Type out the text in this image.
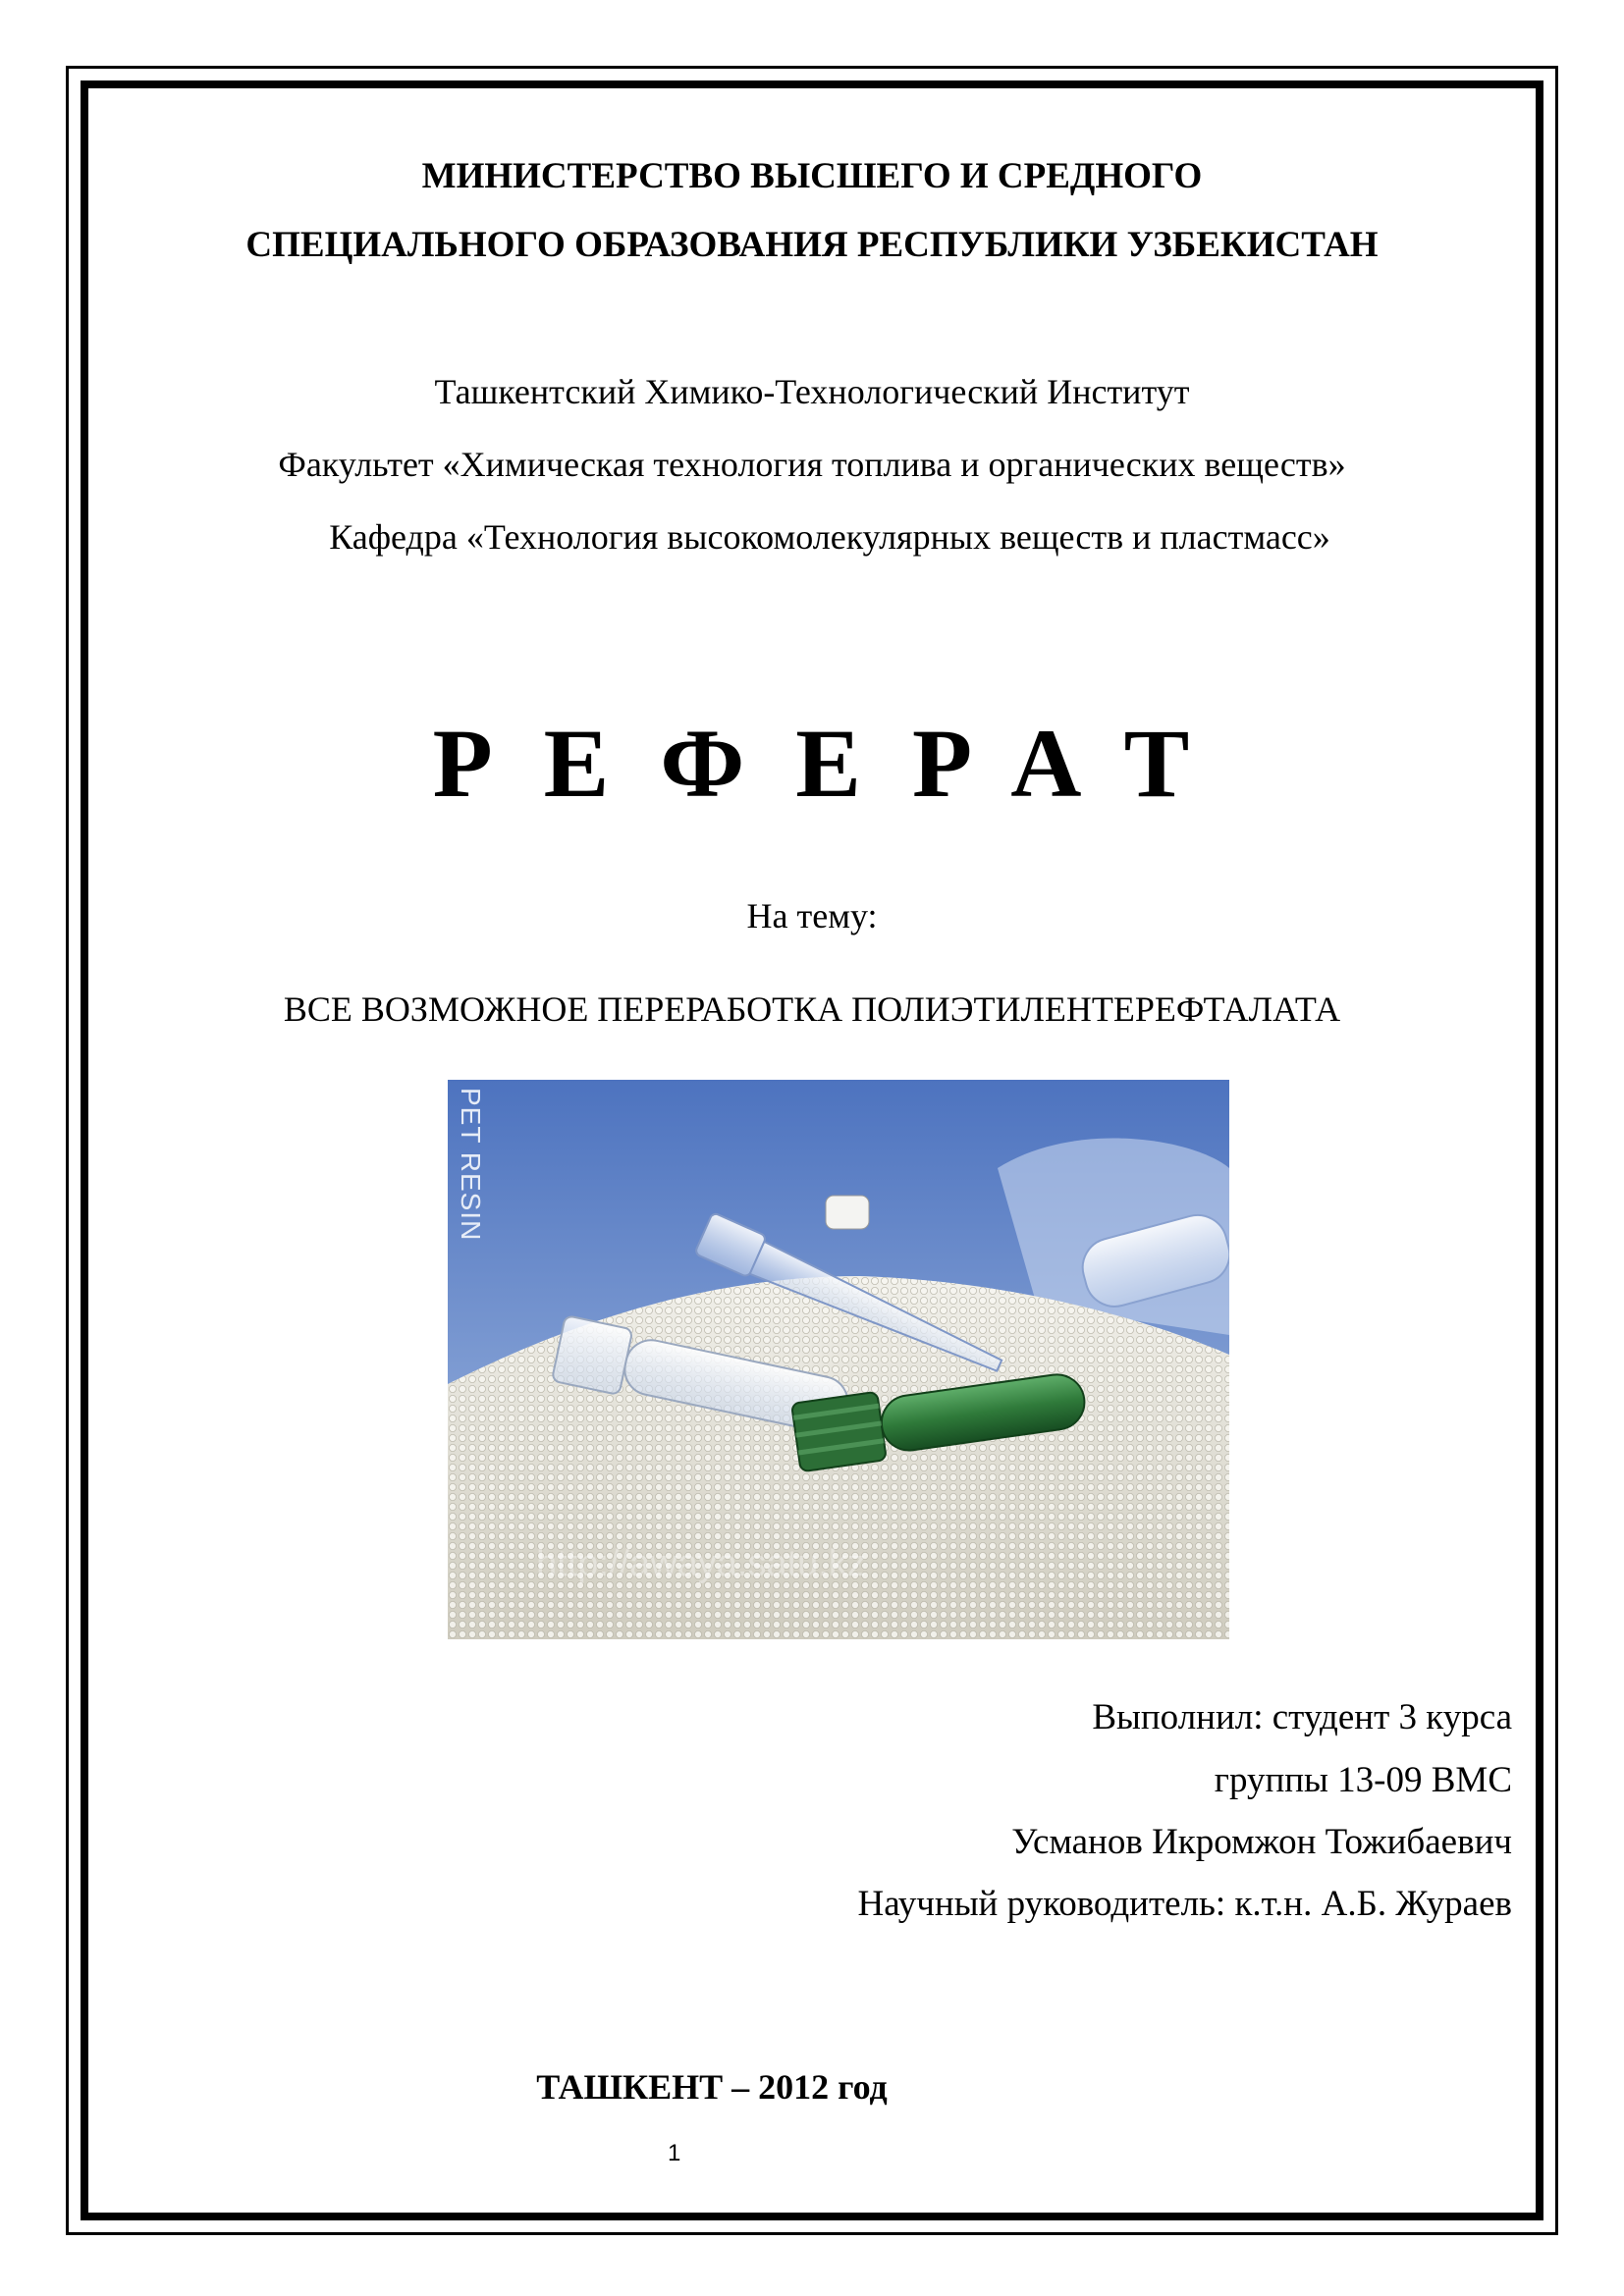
МИНИСТЕРСТВО ВЫСШЕГО И СРЕДНОГО
СПЕЦИАЛЬНОГО ОБРАЗОВАНИЯ РЕСПУБЛИКИ УЗБЕКИСТАН
Ташкентский Химико-Технологический Институт
Факультет «Химическая технология топлива и органических веществ»
Кафедра «Технология высокомолекулярных веществ и пластмасс»
РЕФЕРАТ
На тему:
ВСЕ ВОЗМОЖНОЕ ПЕРЕРАБОТКА ПОЛИЭТИЛЕНТЕРЕФТАЛАТА
PET RESIN
http://awaya.satu.kz
Выполнил: студент 3 курса
группы 13-09 ВМС
Усманов Икромжон Тожибаевич
Научный руководитель: к.т.н. А.Б. Жураев
ТАШКЕНТ – 2012 год
1
